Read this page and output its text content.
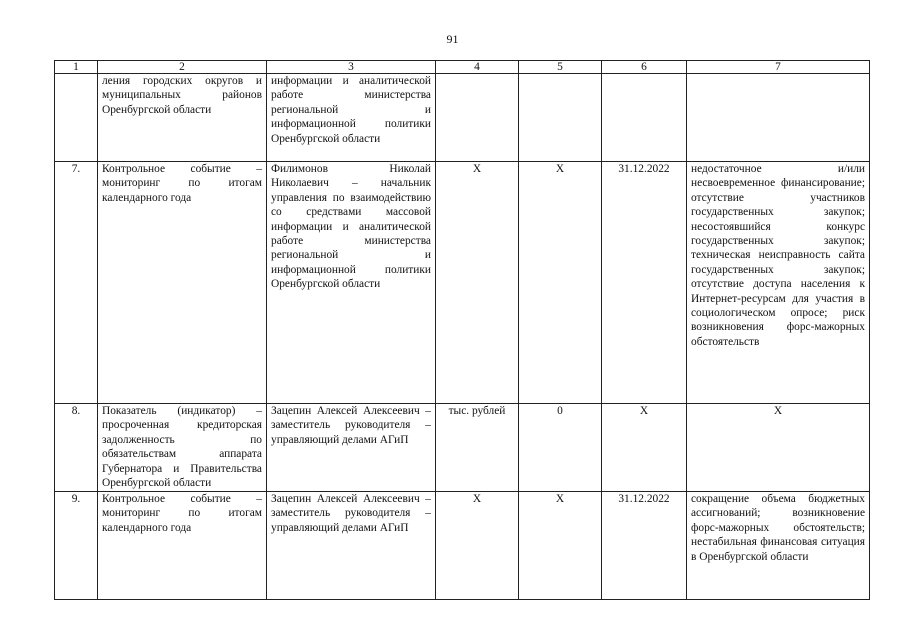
91
1	2	3	4	5	6	7
	ления городских округов и муниципальных районов Оренбургской области	информации и аналитической работе министерства региональной и информационной политики Оренбургской области				
7.	Контрольное событие – мониторинг по итогам календарного года	Филимонов Николай Николаевич – начальник управления по взаимодействию со средствами массовой информации и аналитической работе министерства региональной и информационной политики Оренбургской области	X	X	31.12.2022	недостаточное и/или несвоевременное финансирование; отсутствие участников государственных закупок; несостоявшийся конкурс государственных закупок; техническая неисправность сайта государственных закупок; отсутствие доступа населения к Интернет-ресурсам для участия в социологическом опросе; риск возникновения форс-мажорных обстоятельств
8.	Показатель (индикатор) – просроченная кредиторская задолженность по обязательствам аппарата Губернатора и Правительства Оренбургской области	Зацепин Алексей Алексеевич – заместитель руководителя – управляющий делами АГиП	тыс. рублей	0	X	X
9.	Контрольное событие – мониторинг по итогам календарного года	Зацепин Алексей Алексеевич – заместитель руководителя – управляющий делами АГиП	X	X	31.12.2022	сокращение объема бюджетных ассигнований; возникновение форс-мажорных обстоятельств; нестабильная финансовая ситуация в Оренбургской области
